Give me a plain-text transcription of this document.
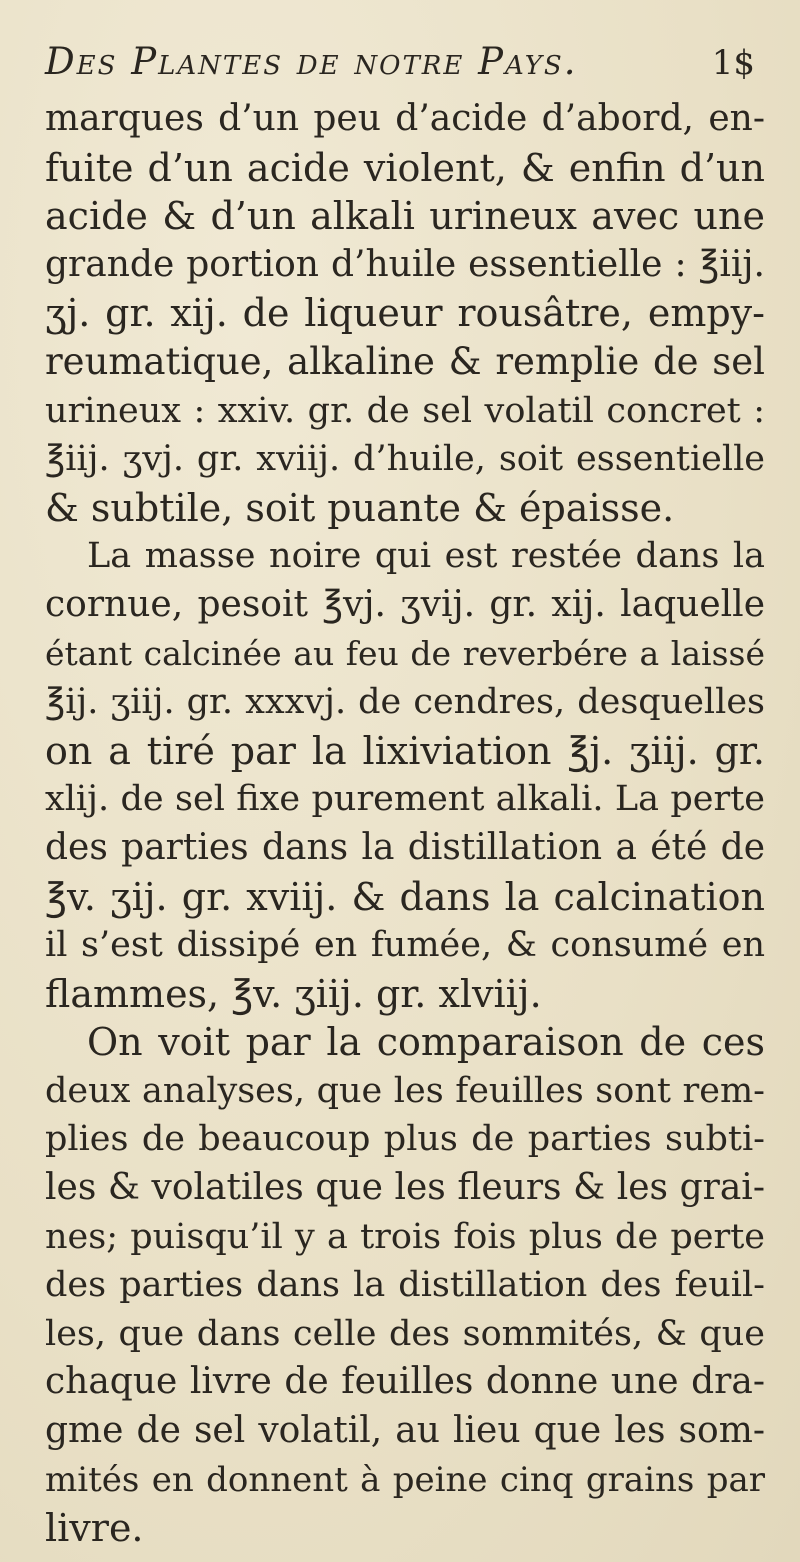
Des Plantes de notre Pays.	1$
marques d’un peu d’acide d’abord, en-
fuite d’un acide violent, & enfin d’un
acide & d’un alkali urineux avec une
grande portion d’huile essentielle : ℥iij.
ʒj. gr. xij. de liqueur rousâtre, empy-
reumatique, alkaline & remplie de sel
urineux : xxiv. gr. de sel volatil concret :
℥iij. ʒvj. gr. xviij. d’huile, soit essentielle
& subtile, soit puante & épaisse.
La masse noire qui est restée dans la
cornue, pesoit ℥vj. ʒvij. gr. xij. laquelle
étant calcinée au feu de reverbére a laissé
℥ij. ʒiij. gr. xxxvj. de cendres, desquelles
on a tiré par la lixiviation ℥j. ʒiij. gr.
xlij. de sel fixe purement alkali. La perte
des parties dans la distillation a été de
℥v. ʒij. gr. xviij. & dans la calcination
il s’est dissipé en fumée, & consumé en
flammes, ℥v. ʒiij. gr. xlviij.
On voit par la comparaison de ces
deux analyses, que les feuilles sont rem-
plies de beaucoup plus de parties subti-
les & volatiles que les fleurs & les grai-
nes; puisqu’il y a trois fois plus de perte
des parties dans la distillation des feuil-
les, que dans celle des sommités, & que
chaque livre de feuilles donne une dra-
gme de sel volatil, au lieu que les som-
mités en donnent à peine cinq grains par
livre.
